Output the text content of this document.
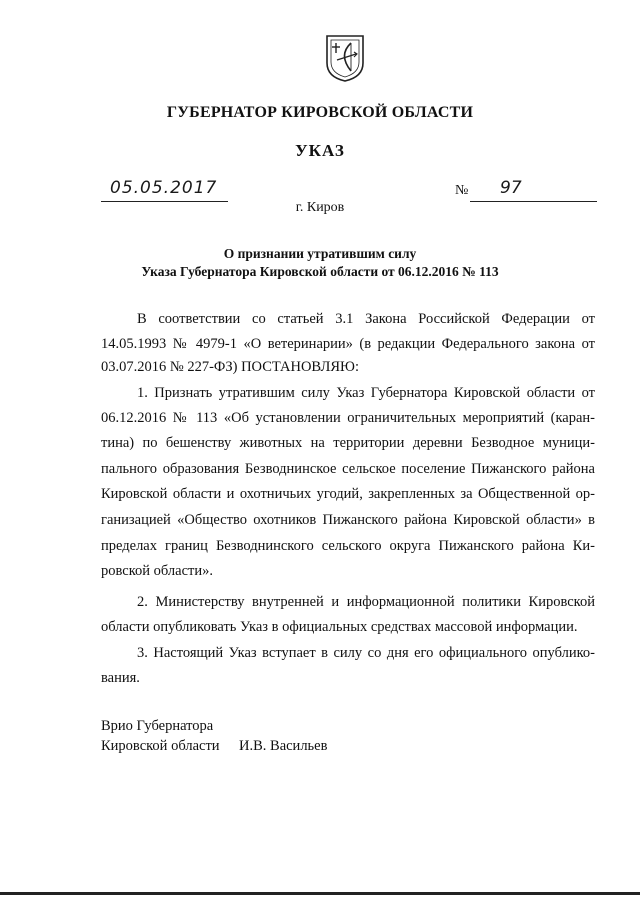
ГУБЕРНАТОР КИРОВСКОЙ ОБЛАСТИ
УКАЗ
05.05.2017	№ 97
г. Киров
О признании утратившим силу
Указа Губернатора Кировской области от 06.12.2016 № 113
В соответствии со статьей 3.1 Закона Российской Федерации от
14.05.1993 № 4979-1 «О ветеринарии» (в редакции Федерального закона от
03.07.2016 № 227-ФЗ) ПОСТАНОВЛЯЮ:
1. Признать утратившим силу Указ Губернатора Кировской области от
06.12.2016 № 113 «Об установлении ограничительных мероприятий (каран-
тина) по бешенству животных на территории деревни Безводное муници-
пального образования Безводнинское сельское поселение Пижанского района
Кировской области и охотничьих угодий, закрепленных за Общественной ор-
ганизацией «Общество охотников Пижанского района Кировской области» в
пределах границ Безводнинского сельского округа Пижанского района Ки-
ровской области».
2. Министерству внутренней и информационной политики Кировской
области опубликовать Указ в официальных средствах массовой информации.
3. Настоящий Указ вступает в силу со дня его официального опублико-
вания.
Врио Губернатора
Кировской области И.В. Васильев
